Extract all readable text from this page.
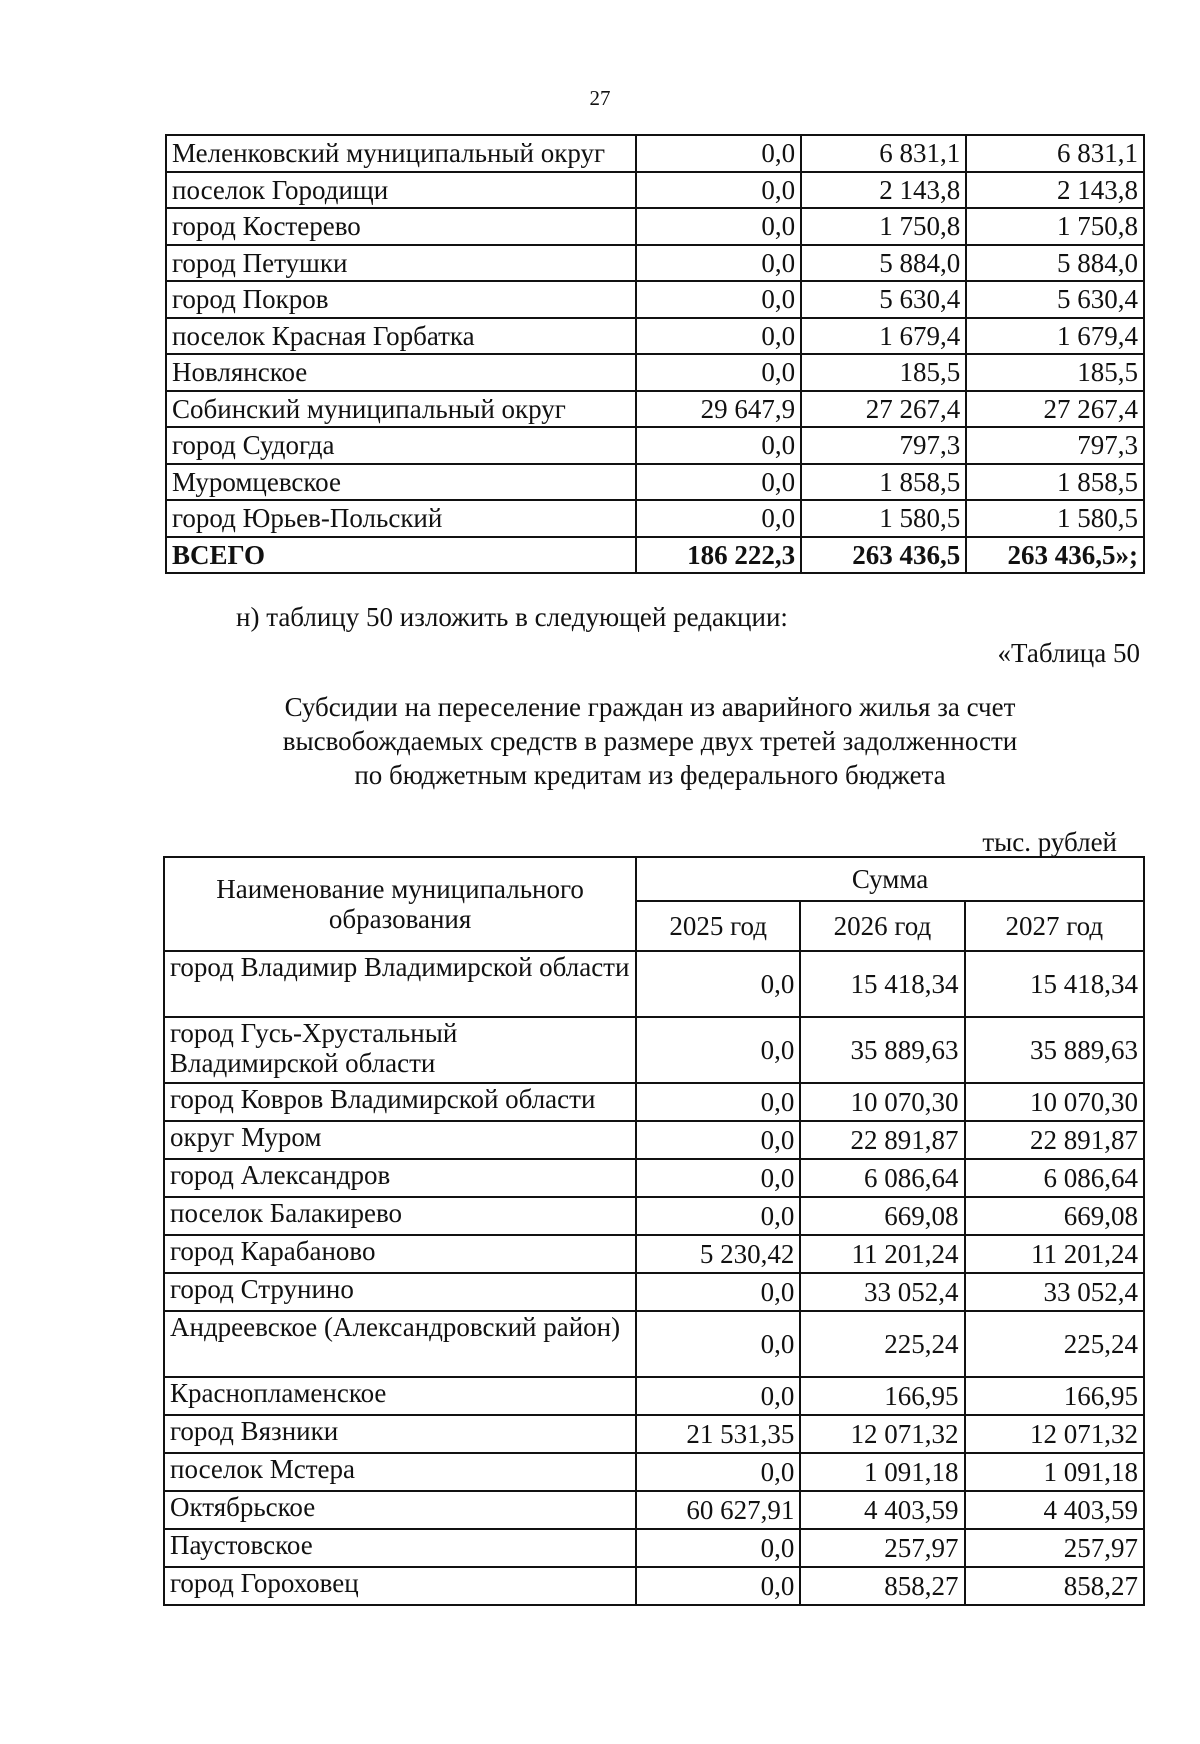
27
Меленковский муниципальный округ	0,0	6 831,1	6 831,1
поселок Городищи	0,0	2 143,8	2 143,8
город Костерево	0,0	1 750,8	1 750,8
город Петушки	0,0	5 884,0	5 884,0
город Покров	0,0	5 630,4	5 630,4
поселок Красная Горбатка	0,0	1 679,4	1 679,4
Новлянское	0,0	185,5	185,5
Собинский муниципальный округ	29 647,9	27 267,4	27 267,4
город Судогда	0,0	797,3	797,3
Муромцевское	0,0	1 858,5	1 858,5
город Юрьев-Польский	0,0	1 580,5	1 580,5
ВСЕГО	186 222,3	263 436,5	263 436,5»;
н) таблицу 50 изложить в следующей редакции:
«Таблица 50
Субсидии на переселение граждан из аварийного жилья за счет
высвобождаемых средств в размере двух третей задолженности
по бюджетным кредитам из федерального бюджета
тыс. рублей
Наименование муниципального образования	Сумма		
	2025 год	2026 год	2027 год
город Владимир Владимирской области	0,0	15 418,34	15 418,34
город Гусь-Хрустальный Владимирской области	0,0	35 889,63	35 889,63
город Ковров Владимирской области	0,0	10 070,30	10 070,30
округ Муром	0,0	22 891,87	22 891,87
город Александров	0,0	6 086,64	6 086,64
поселок Балакирево	0,0	669,08	669,08
город Карабаново	5 230,42	11 201,24	11 201,24
город Струнино	0,0	33 052,4	33 052,4
Андреевское (Александровский район)	0,0	225,24	225,24
Краснопламенское	0,0	166,95	166,95
город Вязники	21 531,35	12 071,32	12 071,32
поселок Мстера	0,0	1 091,18	1 091,18
Октябрьское	60 627,91	4 403,59	4 403,59
Паустовское	0,0	257,97	257,97
город Гороховец	0,0	858,27	858,27
